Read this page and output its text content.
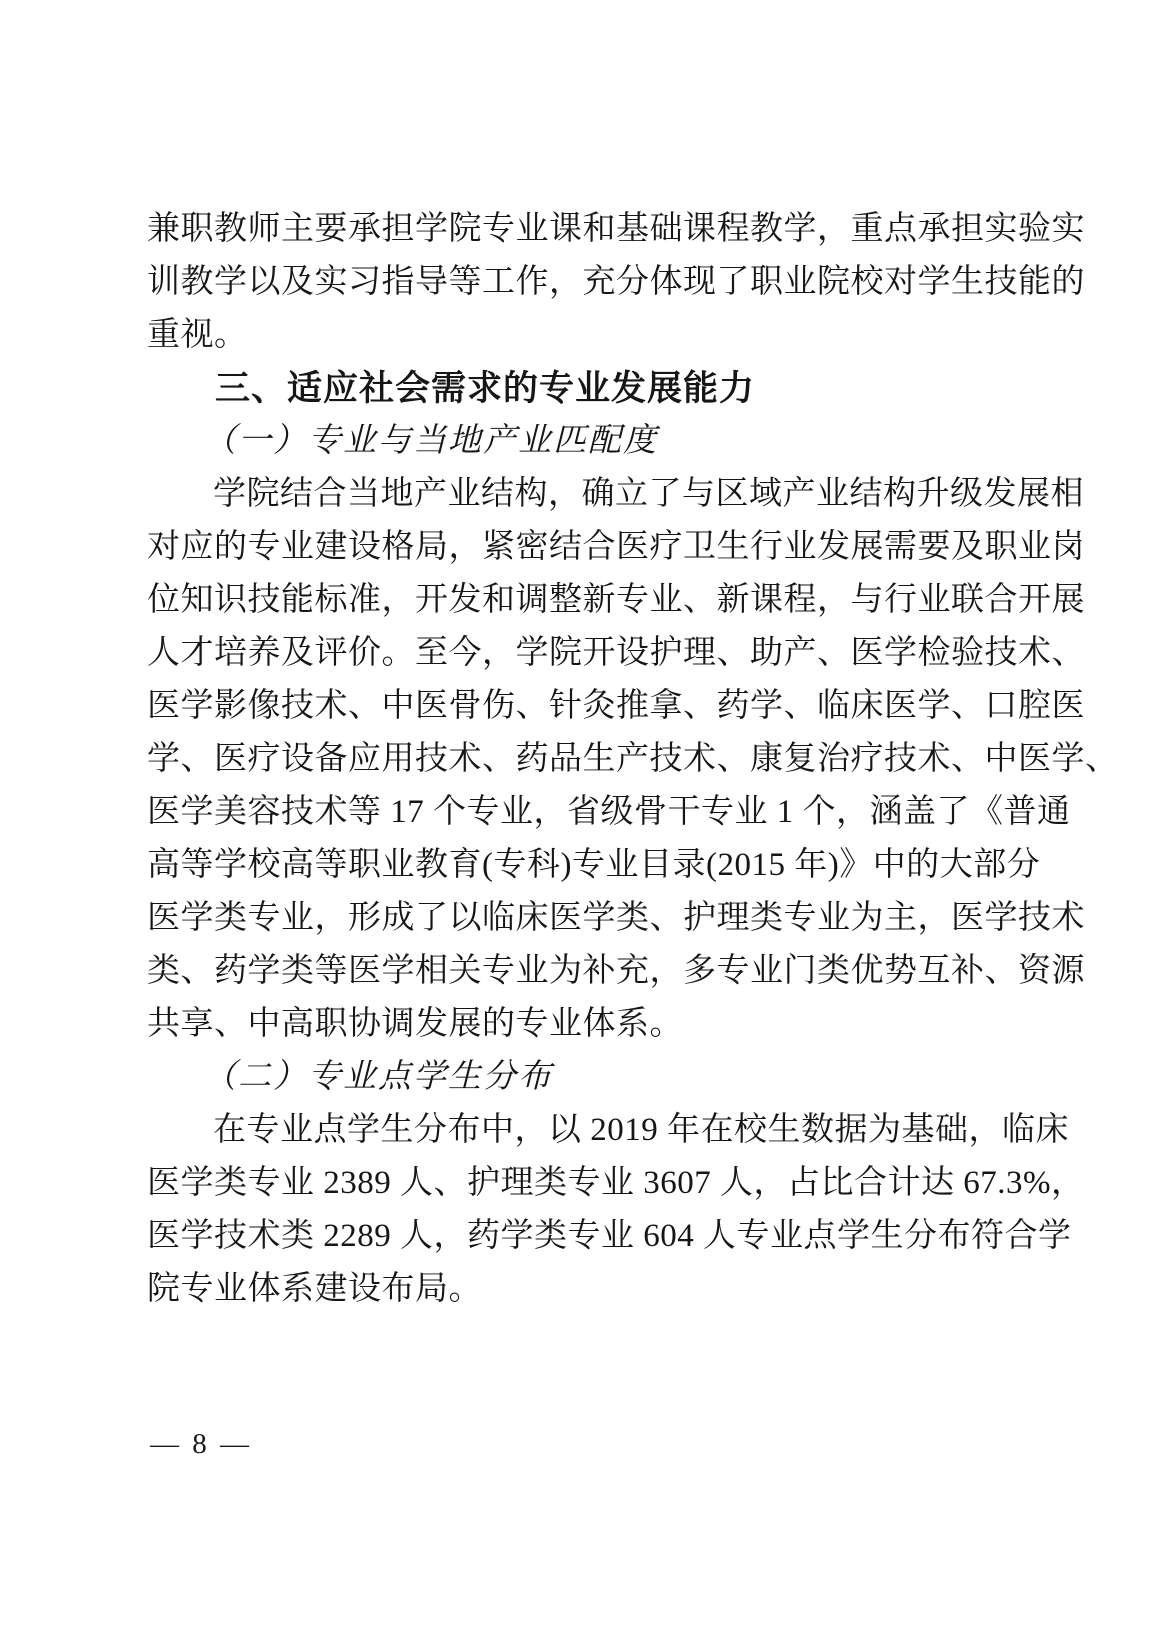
兼职教师主要承担学院专业课和基础课程教学，重点承担实验实
训教学以及实习指导等工作，充分体现了职业院校对学生技能的
重视。
三、适应社会需求的专业发展能力
（一）专业与当地产业匹配度
学院结合当地产业结构，确立了与区域产业结构升级发展相
对应的专业建设格局，紧密结合医疗卫生行业发展需要及职业岗
位知识技能标准，开发和调整新专业、新课程，与行业联合开展
人才培养及评价。至今，学院开设护理、助产、医学检验技术、
医学影像技术、中医骨伤、针灸推拿、药学、临床医学、口腔医
学、医疗设备应用技术、药品生产技术、康复治疗技术、中医学、
医学美容技术等 17 个专业，省级骨干专业 1 个，涵盖了《普通
高等学校高等职业教育(专科)专业目录(2015 年)》中的大部分
医学类专业，形成了以临床医学类、护理类专业为主，医学技术
类、药学类等医学相关专业为补充，多专业门类优势互补、资源
共享、中高职协调发展的专业体系。
（二）专业点学生分布
在专业点学生分布中，以 2019 年在校生数据为基础，临床
医学类专业 2389 人、护理类专业 3607 人，占比合计达 67.3%，
医学技术类 2289 人，药学类专业 604 人专业点学生分布符合学
院专业体系建设布局。
— 8 —
